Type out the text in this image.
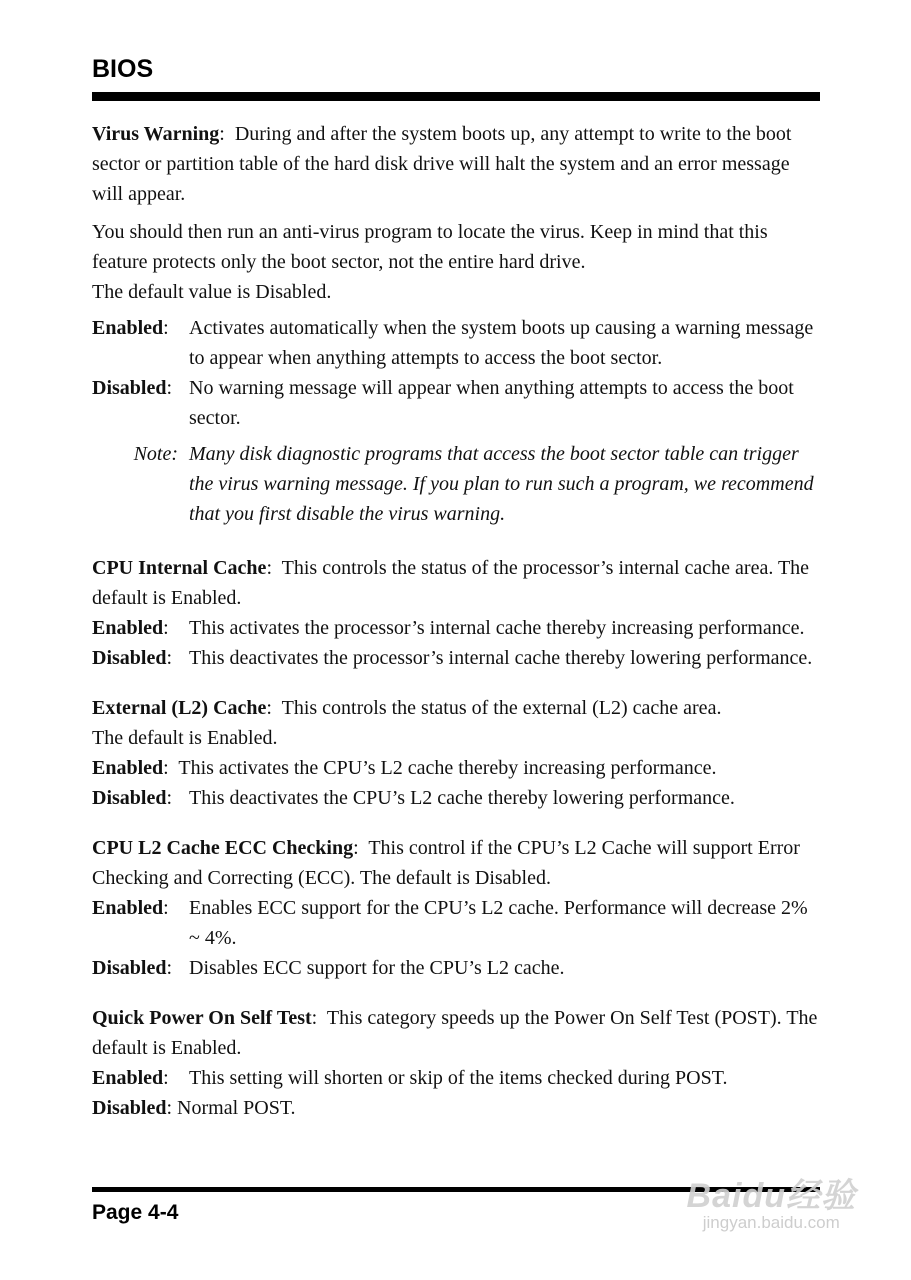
BIOS

Virus Warning:  During and after the system boots up, any attempt to write to the boot sector or partition table of the hard disk drive will halt the system and an error message will appear.

You should then run an anti-virus program to locate the virus. Keep in mind that this feature protects only the boot sector, not the entire hard drive.

The default value is Disabled.

Enabled:	Activates automatically when the system boots up causing a warning message to appear when anything attempts to access the boot sector.
Disabled: No warning message will appear when anything attempts to access the boot sector.
Note: Many disk diagnostic programs that access the boot sector table can trigger the virus warning message. If you plan to run such a program, we recommend that you first disable the virus warning.

CPU Internal Cache:  This controls the status of the processor’s internal cache area. The default is Enabled.

Enabled:	This activates the processor’s internal cache thereby increasing performance.
Disabled: This deactivates the processor’s internal cache thereby lowering performance.

External (L2) Cache:  This controls the status of the external (L2) cache area.

The default is Enabled.

Enabled:  This activates the CPU’s L2 cache thereby increasing performance.

Disabled: This deactivates the CPU’s L2 cache thereby lowering performance.

CPU L2 Cache ECC Checking:  This control if the CPU’s L2 Cache will support Error Checking and Correcting (ECC). The default is Disabled.

Enabled:	Enables ECC support for the CPU’s L2 cache. Performance will decrease 2% ~ 4%.
Disabled: Disables ECC support for the CPU’s L2 cache.

Quick Power On Self Test:  This category speeds up the Power On Self Test (POST). The default is Enabled.

Enabled:	This setting will shorten or skip of the items checked during POST.

Disabled: Normal POST.

Page 4-4	Baidu经验
jingyan.baidu.com
